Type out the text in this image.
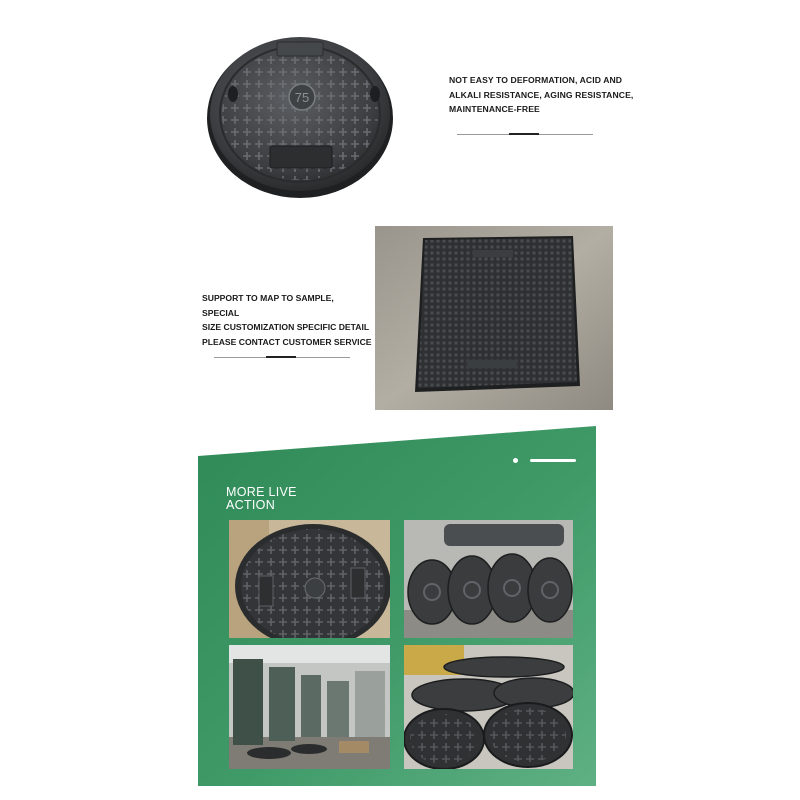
75
NOT EASY TO DEFORMATION, ACID AND
ALKALI RESISTANCE, AGING RESISTANCE,
MAINTENANCE-FREE
SUPPORT TO MAP TO SAMPLE, SPECIAL
SIZE CUSTOMIZATION SPECIFIC DETAIL
PLEASE CONTACT CUSTOMER SERVICE
MORE LIVE
ACTION
